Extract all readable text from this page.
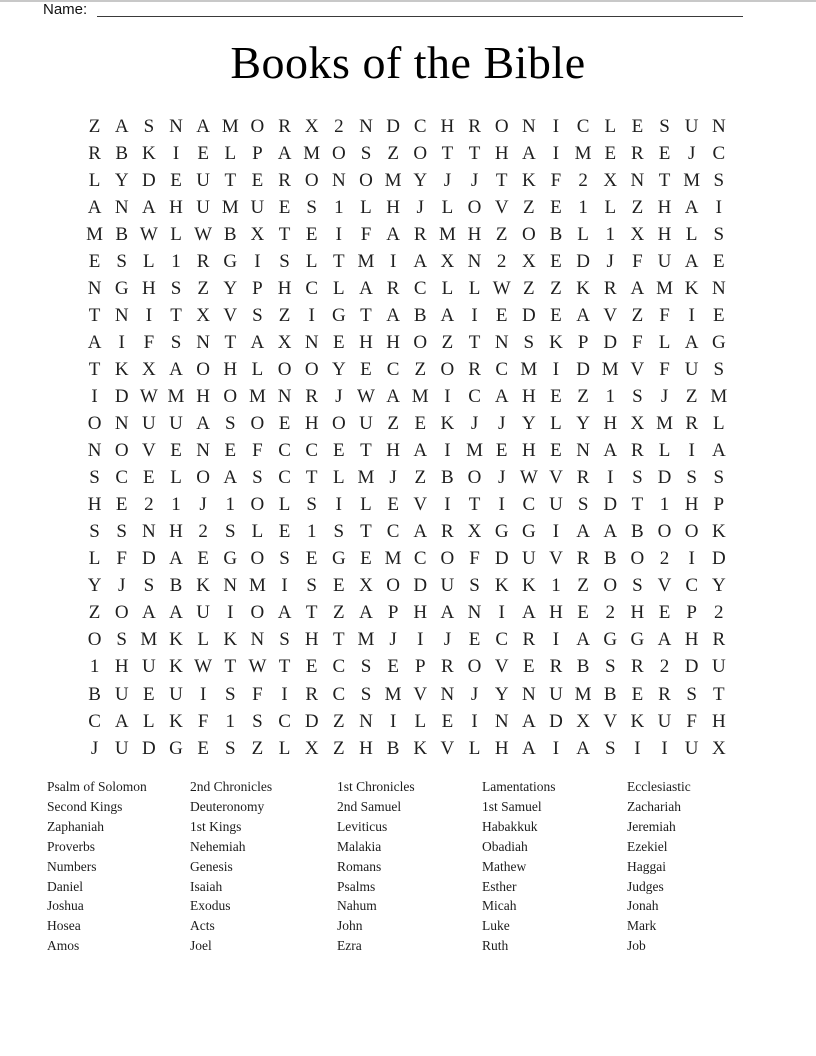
Name:
Books of the Bible
Z A S N A M O R X 2 N D C H R O N I C L E S U N
R B K I E L P A M O S Z O T T H A I M E R E J C
L Y D E U T E R O N O M Y J	J T K F 2 X N T M S
A N A H U M U E S 1 L H J L O V Z E 1 L Z H A I
M B W L W B X T E I F A R M H Z O B L 1 X H L S
E S L 1 R G I S L T M I A X N 2 X E D J F U A E
N G H S Z Y P H C L A R C L L W Z Z K R A M K N
T N I T X V S Z I G T A B A I E D E A V Z F I E
A I F S N T A X N E H H O Z T N S K P D F L A G
T K X A O H L O O Y E C Z O R C M I D M V F U S
I D W M H O M N R J W A M I C A H E Z 1 S J Z M
O N U U A S O E H O U Z E K J	J Y L Y H X M R L
N O V E N E F C C E T H A I M E H E N A R L I A
S C E L O A S C T L M J Z B O J W V R I S D S S
H E 2 1 J 1 O L S I L E V I T I C U S D T 1 H P
S S N H 2 S L E 1 S T C A R X G G I A A B O O K
L F D A E G O S E G E M C O F D U V R B O 2	I D
Y J S B K N M I S E X O D U S K K 1 Z O S V C Y
Z O A A U I O A T Z A P H A N I A H E 2 H E P 2
O S M K L K N S H T M J	I	J E C R I A G G A H R
1 H U K W T W T E C S E P R O V E R B S R 2 D U
B U E U I S F I R C S M V N J Y N U M B E R S T
C A L K F 1 S C D Z N I L E I N A D X V K U F H
J U D G E S Z L X Z H B K V L H A I A S I	I U X
Psalm of Solomon
Second Kings
Zaphaniah
Proverbs
Numbers
Daniel
Joshua
Hosea
Amos
2nd Chronicles
Deuteronomy
1st Kings
Nehemiah
Genesis
Isaiah
Exodus
Acts
Joel
1st Chronicles
2nd Samuel
Leviticus
Malakia
Romans
Psalms
Nahum
John
Ezra
Lamentations
1st Samuel
Habakkuk
Obadiah
Mathew
Esther
Micah
Luke
Ruth
Ecclesiastic
Zachariah
Jeremiah
Ezekiel
Haggai
Judges
Jonah
Mark
Job
